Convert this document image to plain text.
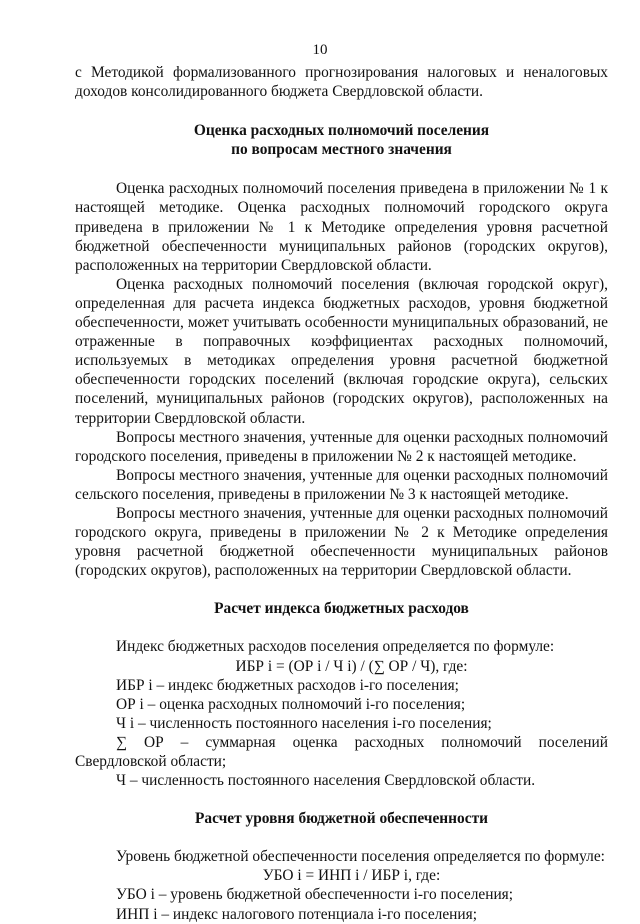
10

с Методикой формализованного прогнозирования налоговых и неналоговых доходов консолидированного бюджета Свердловской области.

Оценка расходных полномочий поселения
по вопросам местного значения

Оценка расходных полномочий поселения приведена в приложении № 1 к настоящей методике. Оценка расходных полномочий городского округа приведена в приложении № 1 к Методике определения уровня расчетной бюджетной обеспеченности муниципальных районов (городских округов), расположенных на территории Свердловской области.

Оценка расходных полномочий поселения (включая городской округ), определенная для расчета индекса бюджетных расходов, уровня бюджетной обеспеченности, может учитывать особенности муниципальных образований, не отраженные в поправочных коэффициентах расходных полномочий, используемых в методиках определения уровня расчетной бюджетной обеспеченности городских поселений (включая городские округа), сельских поселений, муниципальных районов (городских округов), расположенных на территории Свердловской области.

Вопросы местного значения, учтенные для оценки расходных полномочий городского поселения, приведены в приложении № 2 к настоящей методике.

Вопросы местного значения, учтенные для оценки расходных полномочий сельского поселения, приведены в приложении № 3 к настоящей методике.

Вопросы местного значения, учтенные для оценки расходных полномочий городского округа, приведены в приложении № 2 к Методике определения уровня расчетной бюджетной обеспеченности муниципальных районов (городских округов), расположенных на территории Свердловской области.

Расчет индекса бюджетных расходов

Индекс бюджетных расходов поселения определяется по формуле:

ИБР i = (ОР i / Ч i) / (∑ ОР / Ч), где:

ИБР i – индекс бюджетных расходов i-го поселения;

ОР i – оценка расходных полномочий i-го поселения;

Ч i – численность постоянного населения i-го поселения;

∑ ОР – суммарная оценка расходных полномочий поселений Свердловской области;

Ч – численность постоянного населения Свердловской области.

Расчет уровня бюджетной обеспеченности

Уровень бюджетной обеспеченности поселения определяется по формуле:

УБО i = ИНП i / ИБР i, где:

УБО i – уровень бюджетной обеспеченности i-го поселения;

ИНП i – индекс налогового потенциала i-го поселения;
